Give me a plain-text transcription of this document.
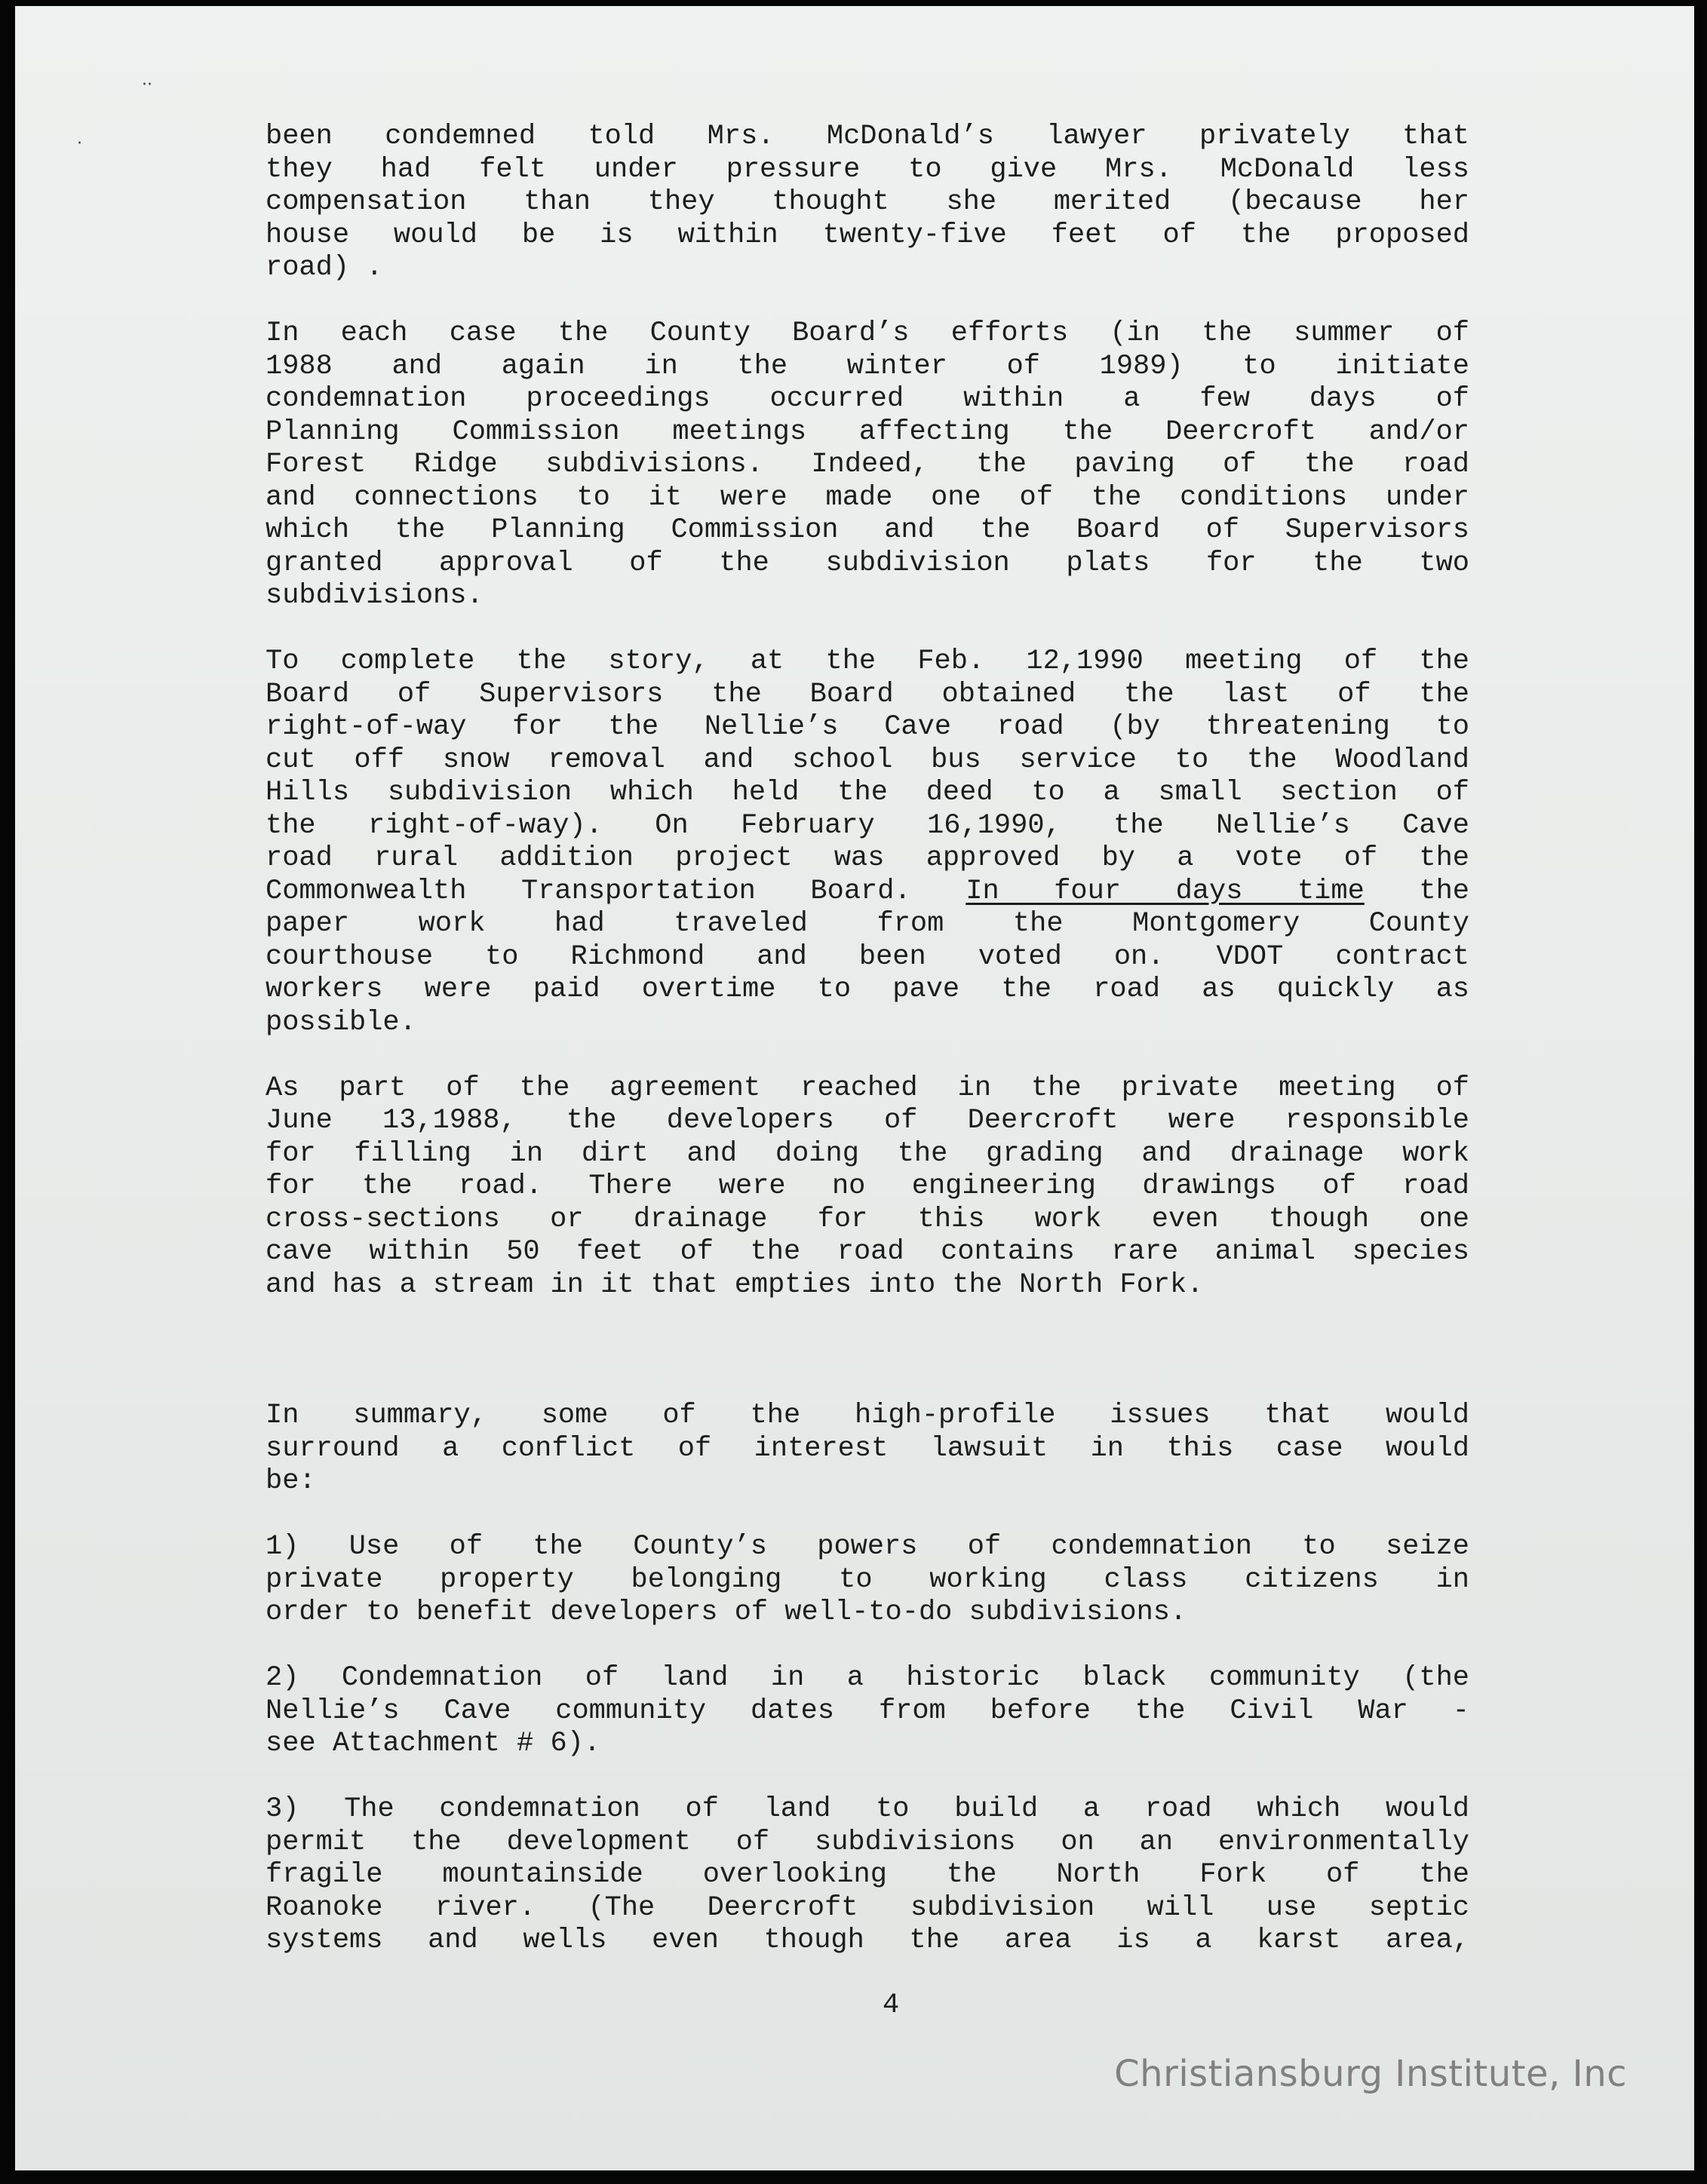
··
·	been condemned told Mrs. McDonald’s lawyer privately that
they had felt under pressure to give Mrs. McDonald less
compensation than they thought she merited (because her
house would be is within twenty-five feet of the proposed
road) .
In each case the County Board’s efforts (in the summer of
1988 and again in the winter of 1989) to initiate
condemnation proceedings occurred within a few days of
Planning Commission meetings affecting the Deercroft and/or
Forest Ridge subdivisions. Indeed, the paving of the road
and connections to it were made one of the conditions under
which the Planning Commission and the Board of Supervisors
granted approval of the subdivision plats for the two
subdivisions.
To complete the story, at the Feb. 12,1990 meeting of the
Board of Supervisors the Board obtained the last of the
right-of-way for the Nellie’s Cave road (by threatening to
cut off snow removal and school bus service to the Woodland
Hills subdivision which held the deed to a small section of
the right-of-way). On February 16,1990, the Nellie’s Cave
road rural addition project was approved by a vote of the
Commonwealth Transportation Board. In four days time the
paper work had traveled from the Montgomery County
courthouse to Richmond and been voted on. VDOT contract
workers were paid overtime to pave the road as quickly as
possible.
As part of the agreement reached in the private meeting of
June 13,1988, the developers of Deercroft were responsible
for filling in dirt and doing the grading and drainage work
for the road. There were no engineering drawings of road
cross-sections or drainage for this work even though one
cave within 50 feet of the road contains rare animal species
and has a stream in it that empties into the North Fork.
In summary, some of the high-profile issues that would
surround a conflict of interest lawsuit in this case would
be:
1) Use of the County’s powers of condemnation to seize
private property belonging to working class citizens in
order to benefit developers of well-to-do subdivisions.
2) Condemnation of land in a historic black community (the
Nellie’s Cave community dates from before the Civil War -
see Attachment # 6).
3) The condemnation of land to build a road which would
permit the development of subdivisions on an environmentally
fragile mountainside overlooking the North Fork of the
Roanoke river. (The Deercroft subdivision will use septic
systems and wells even though the area is a karst area,
4
Christiansburg Institute, Inc
